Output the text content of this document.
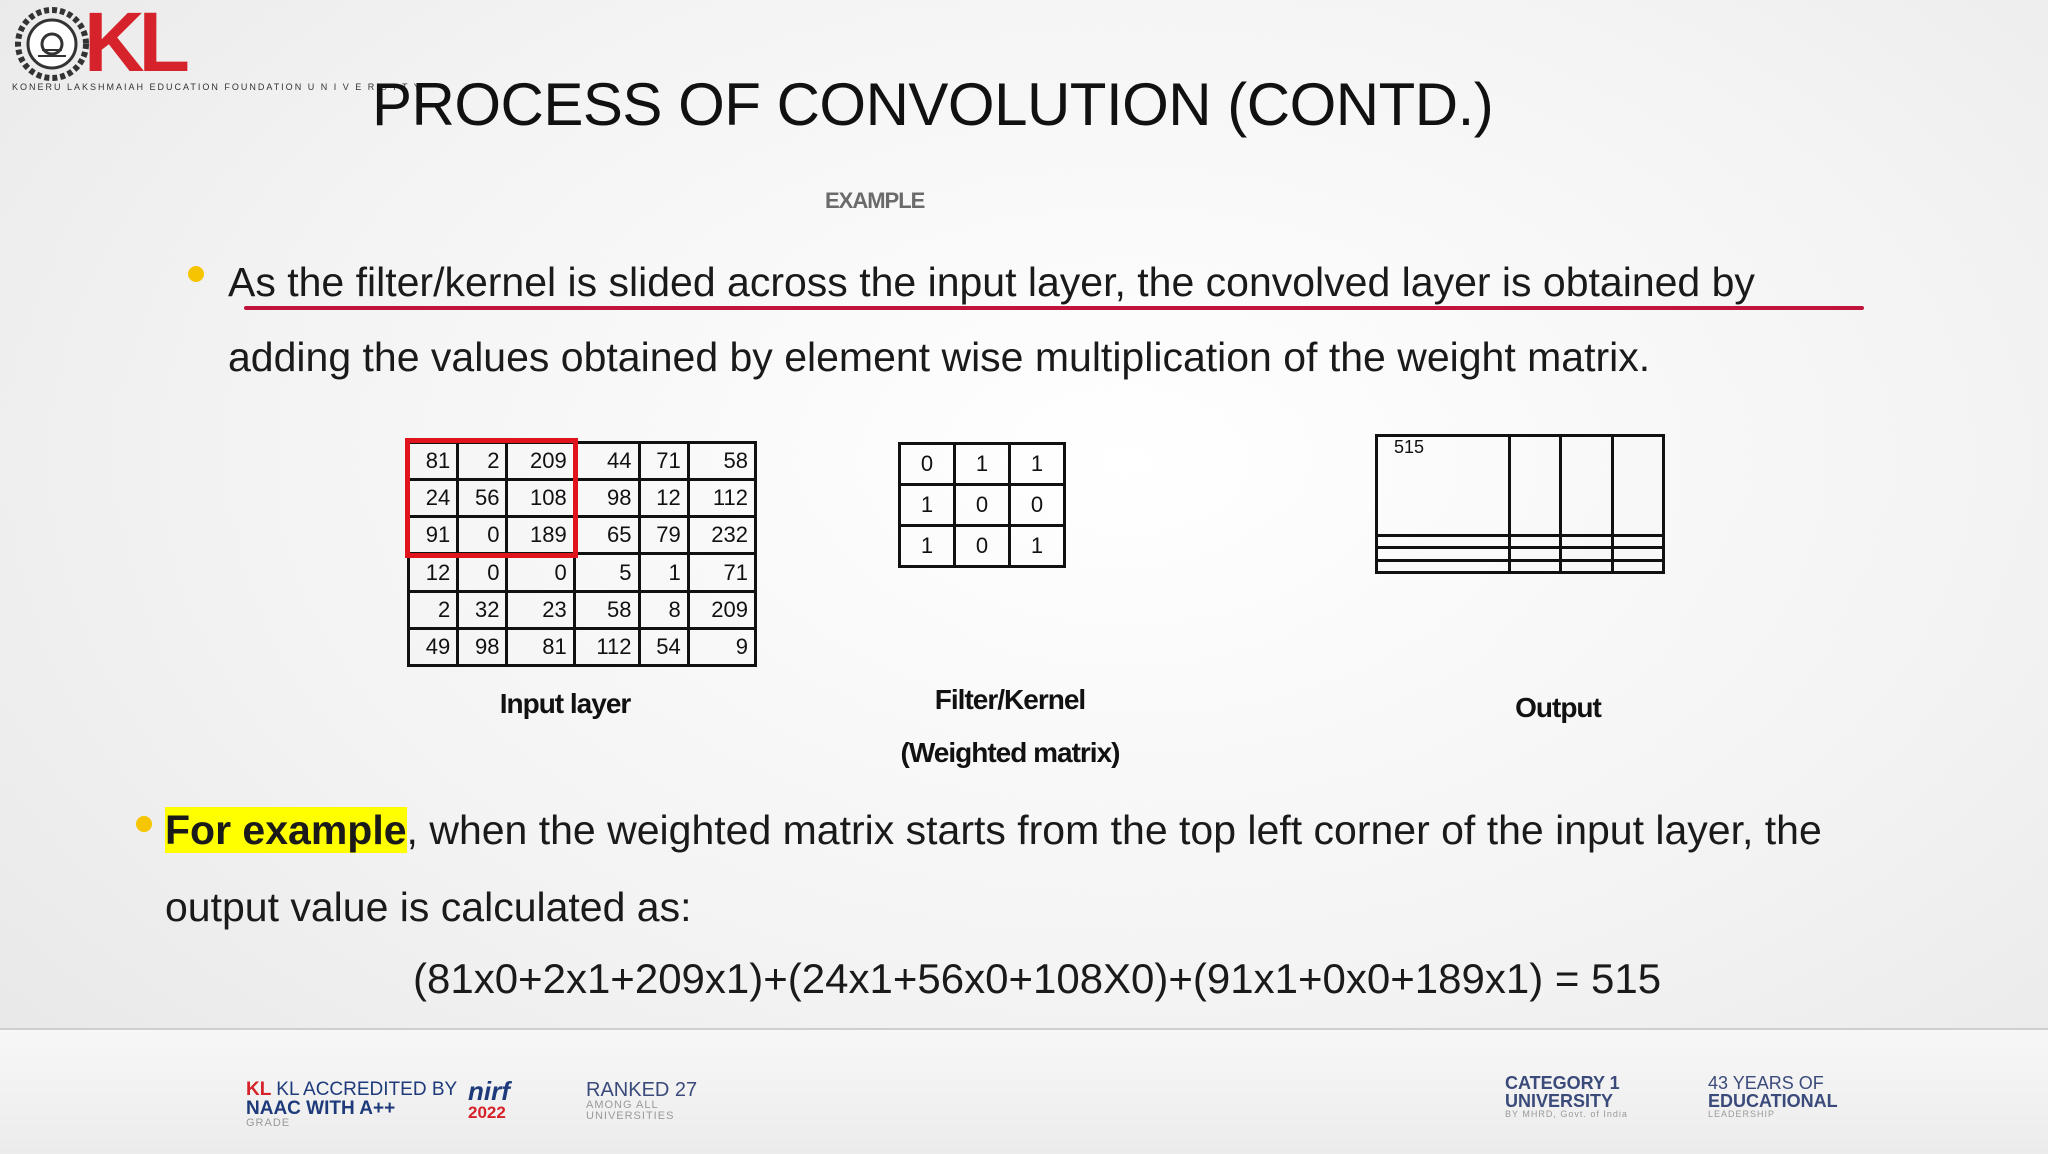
KL
KONERU LAKSHMAIAH EDUCATION FOUNDATION U N I V E R S I T Y
PROCESS OF CONVOLUTION (CONTD.)
EXAMPLE
As the filter/kernel is slided across the input layer, the convolved layer is obtained by
adding the values obtained by element wise multiplication of the weight matrix.
81	2	209	44	71	58
24	56	108	98	12	112
91	0	189	65	79	232
12	0	0	5	1	71
2	32	23	58	8	209
49	98	81	112	54	9
Input layer
0	1	1
1	0	0
1	0	1
Filter/Kernel
(Weighted matrix)
515			

Output
For example, when the weighted matrix starts from the top left corner of the input layer, the
output value is calculated as:
(81x0+2x1+209x1)+(24x1+56x0+108X0)+(91x1+0x0+189x1) = 515
KL KL ACCREDITED BY
NAAC WITH A++
GRADE
nirf
2022
RANKED 27
AMONG ALL UNIVERSITIES
CATEGORY 1
UNIVERSITY
BY MHRD, Govt. of India
43 YEARS OF
EDUCATIONAL
LEADERSHIP
